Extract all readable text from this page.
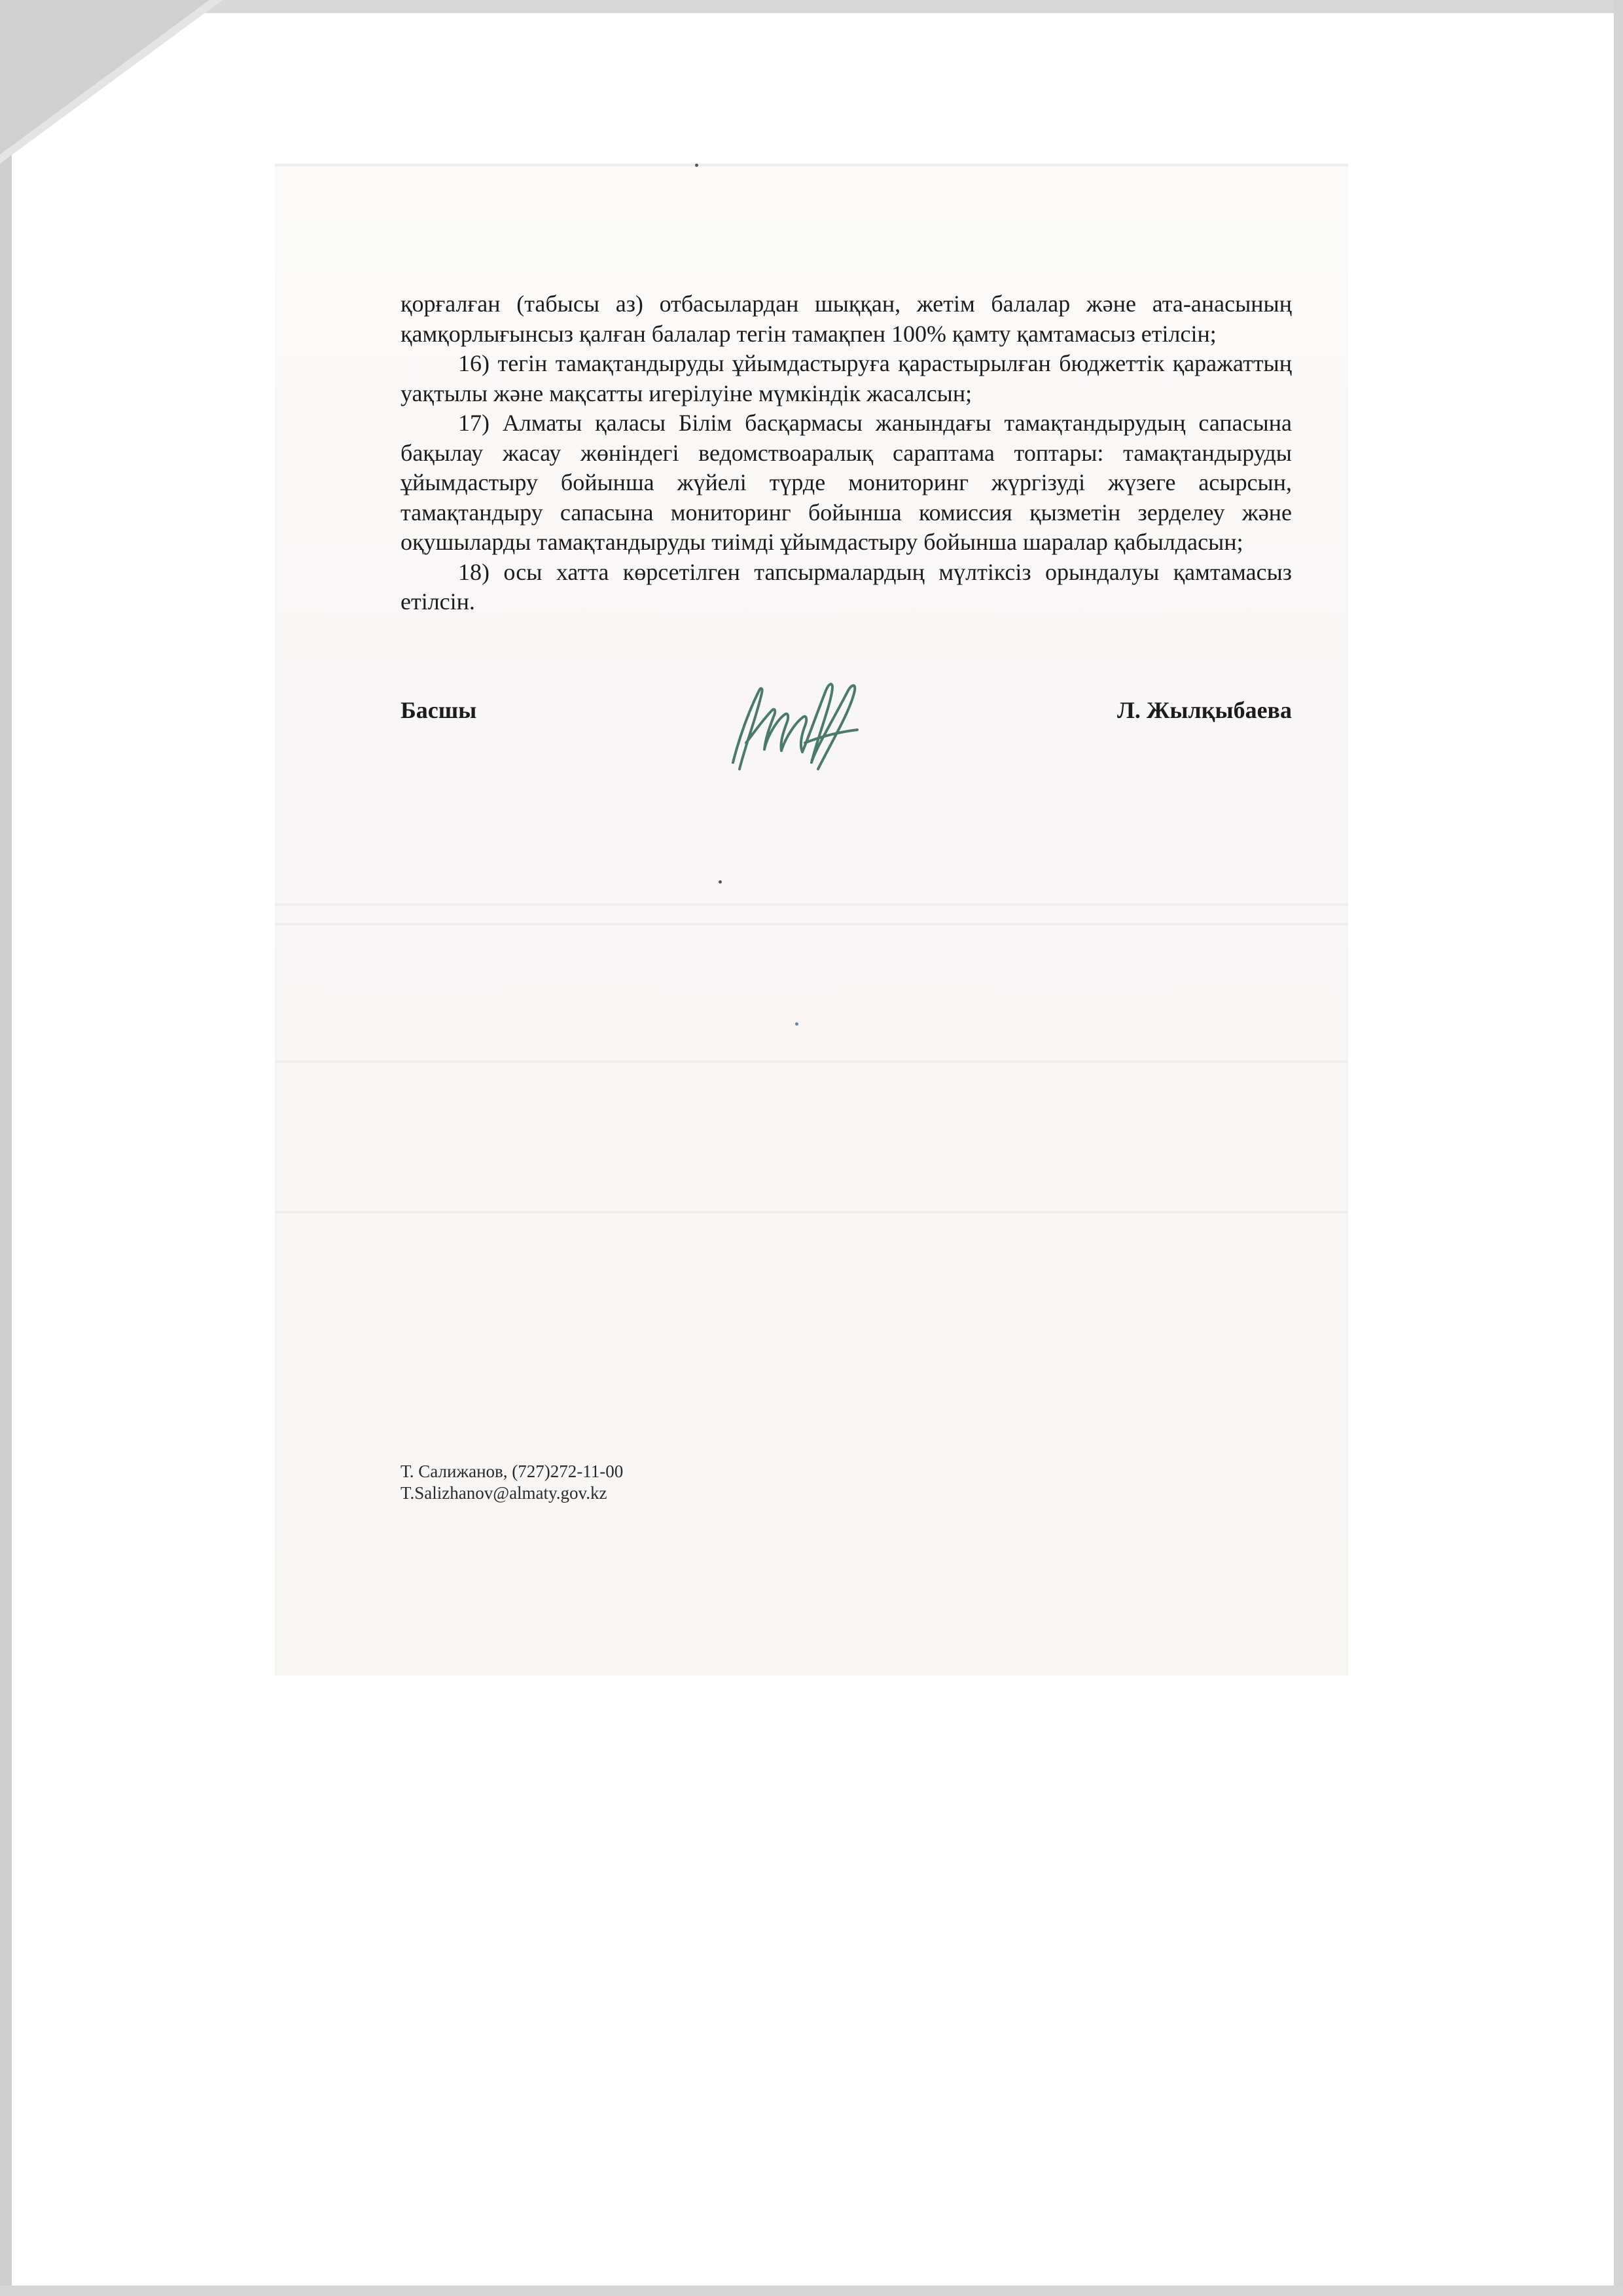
қорғалған (табысы аз) отбасылардан шыққан, жетім балалар және ата-анасының қамқорлығынсыз қалған балалар тегін тамақпен 100% қамту қамтамасыз етілсін;

16) тегін тамақтандыруды ұйымдастыруға қарастырылған бюджеттік қаражаттың уақтылы және мақсатты игерілуіне мүмкіндік жасалсын;

17) Алматы қаласы Білім басқармасы жанындағы тамақтандырудың сапасына бақылау жасау жөніндегі ведомствоаралық сараптама топтары: тамақтандыруды ұйымдастыру бойынша жүйелі түрде мониторинг жүргізуді жүзеге асырсын, тамақтандыру сапасына мониторинг бойынша комиссия қызметін зерделеу және оқушыларды тамақтандыруды тиімді ұйымдастыру бойынша шаралар қабылдасын;

18) осы хатта көрсетілген тапсырмалардың мүлтіксіз орындалуы қамтамасыз етілсін.

Басшы	Л. Жылқыбаева
Т. Салижанов, (727)272-11-00
T.Salizhanov@almaty.gov.kz
